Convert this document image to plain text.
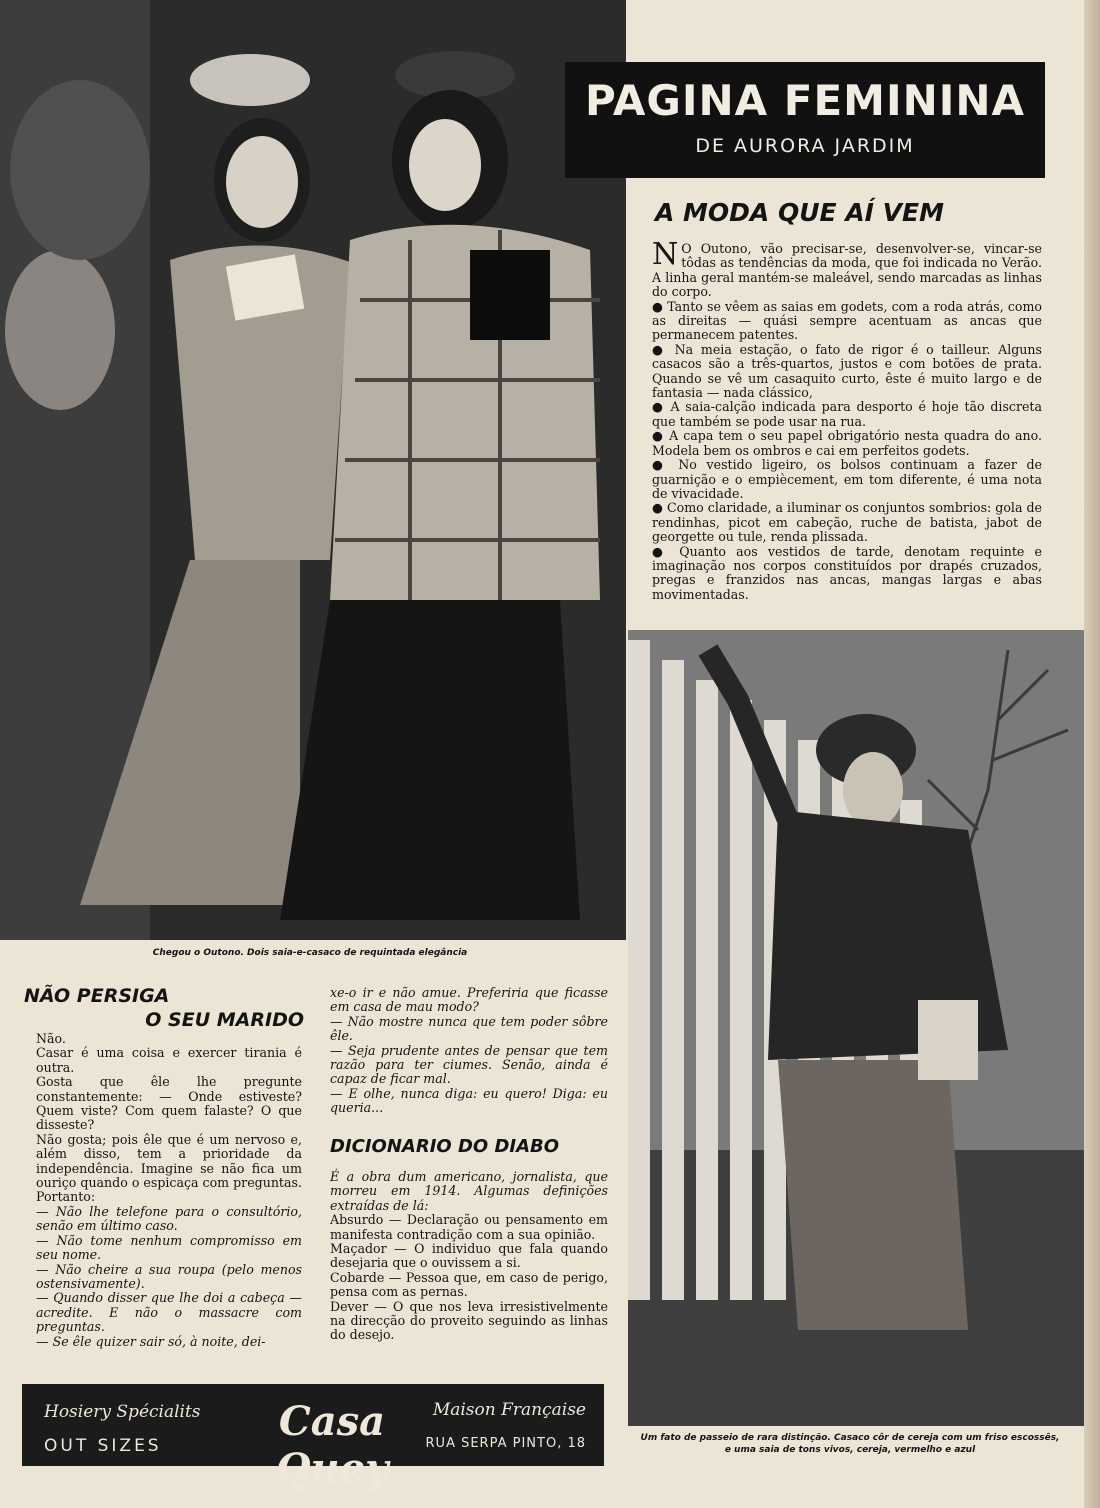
PAGINA FEMININA
DE AURORA JARDIM
A MODA QUE AÍ VEM

N O Outono, vão precisar-se, desenvolver-se, vincar-se tôdas as tendências da moda, que foi indicada no Verão. A linha geral mantém-se maleável, sendo marcadas as linhas do corpo.

● Tanto se vêem as saias em godets, com a roda atrás, como as direitas — quási sempre acentuam as ancas que permanecem patentes.

● Na meia estação, o fato de rigor é o tailleur. Alguns casacos são a três-quartos, justos e com botões de prata. Quando se vê um casaquito curto, êste é muito largo e de fantasia — nada clássico,

● A saia-calção indicada para desporto é hoje tão discreta que também se pode usar na rua.

● A capa tem o seu papel obrigatório nesta quadra do ano. Modela bem os ombros e cai em perfeitos godets.

● No vestido ligeiro, os bolsos continuam a fazer de guarnição e o empiècement, em tom diferente, é uma nota de vivacidade.

● Como claridade, a iluminar os conjuntos sombrios: gola de rendinhas, picot em cabeção, ruche de batista, jabot de georgette ou tule, renda plissada.

● Quanto aos vestidos de tarde, denotam requinte e imaginação nos corpos constituídos por drapés cruzados, pregas e franzidos nas ancas, mangas largas e abas movimentadas.

Chegou o Outono. Dois saia-e-casaco de requintada elegância
NÃO PERSIGA
O SEU MARIDO

Não.

Casar é uma coisa e exercer tirania é outra.

Gosta que êle lhe pregunte constantemente: — Onde estiveste? Quem viste? Com quem falaste? O que disseste?

Não gosta; pois êle que é um nervoso e, além disso, tem a prioridade da independência. Imagine se não fica um ouriço quando o espicaça com preguntas.

Portanto:

— Não lhe telefone para o consultório, senão em último caso.

— Não tome nenhum compromisso em seu nome.

— Não cheire a sua roupa (pelo menos ostensivamente).

— Quando disser que lhe doi a cabeça — acredite. E não o massacre com preguntas.

— Se êle quizer sair só, à noite, dei-

xe-o ir e não amue. Preferiria que ficasse em casa de mau modo?

— Não mostre nunca que tem poder sôbre êle.

— Seja prudente antes de pensar que tem razão para ter ciumes. Senão, ainda é capaz de ficar mal.

— E olhe, nunca diga: eu quero! Diga: eu queria...

DICIONARIO DO DIABO

É a obra dum americano, jornalista, que morreu em 1914. Algumas definições extraídas de lá:

Absurdo — Declaração ou pensamento em manifesta contradição com a sua opinião.

Maçador — O individuo que fala quando desejaria que o ouvissem a si.

Cobarde — Pessoa que, em caso de perigo, pensa com as pernas.

Dever — O que nos leva irresistivelmente na direcção do proveito seguindo as linhas do desejo.

Hosiery Spécialits
OUT SIZES
Casa Quey
Maison Française
RUA SERPA PINTO, 18	Um fato de passeio de rara distinção. Casaco côr de cereja com um friso escossês, e uma saia de tons vivos, cereja, vermelho e azul
